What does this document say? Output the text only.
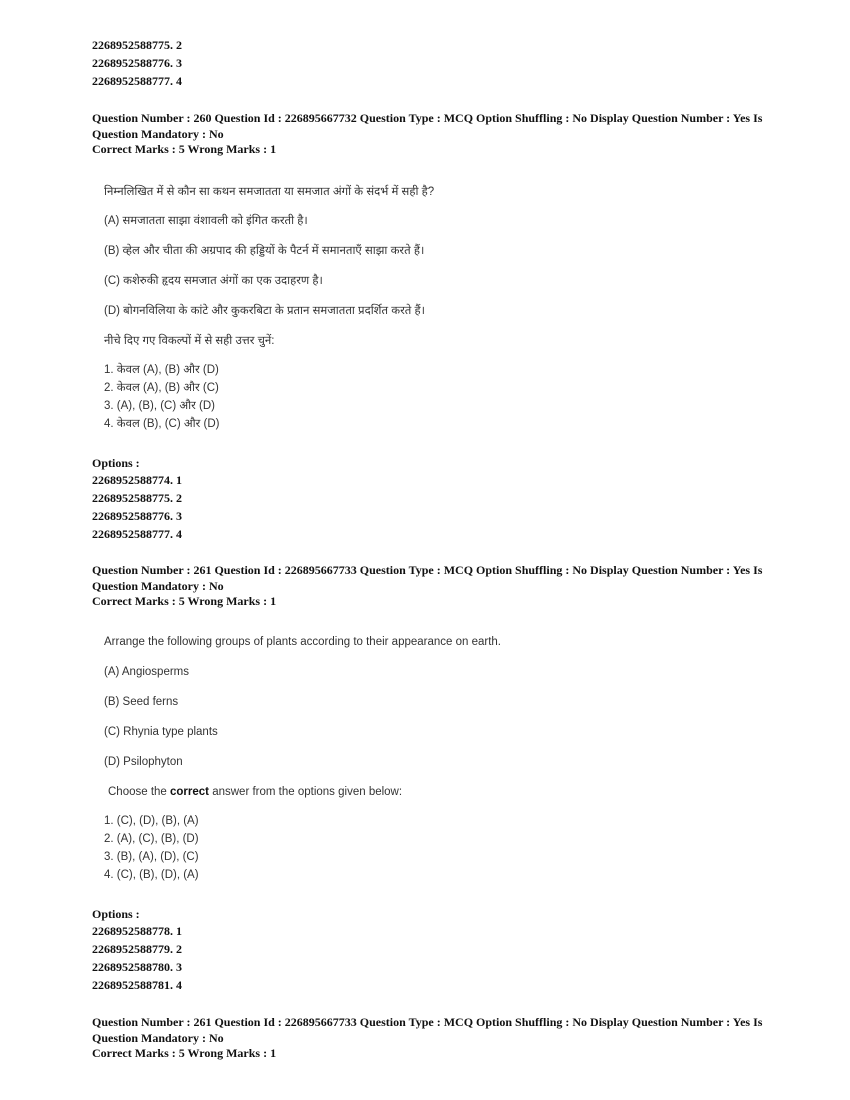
2268952588775. 2
2268952588776. 3
2268952588777. 4
Question Number : 260 Question Id : 226895667732 Question Type : MCQ Option Shuffling : No Display Question Number : Yes Is Question Mandatory : No
Correct Marks : 5 Wrong Marks : 1
निम्नलिखित में से कौन सा कथन समजातता या समजात अंगों के संदर्भ में सही है?
(A) समजातता साझा वंशावली को इंगित करती है।
(B) व्हेल और चीता की अग्रपाद की हड्डियों के पैटर्न में समानताएँ साझा करते हैं।
(C) कशेरुकी हृदय समजात अंगों का एक उदाहरण है।
(D) बोगनविलिया के कांटे और कुकरबिटा के प्रतान समजातता प्रदर्शित करते हैं।
नीचे दिए गए विकल्पों में से सही उत्तर चुनें:
1. केवल (A), (B) और (D)
2. केवल (A), (B) और (C)
3. (A), (B), (C) और (D)
4. केवल (B), (C) और (D)
Options :
2268952588774. 1
2268952588775. 2
2268952588776. 3
2268952588777. 4
Question Number : 261 Question Id : 226895667733 Question Type : MCQ Option Shuffling : No Display Question Number : Yes Is Question Mandatory : No
Correct Marks : 5 Wrong Marks : 1
Arrange the following groups of plants according to their appearance on earth.
(A) Angiosperms
(B) Seed ferns
(C) Rhynia type plants
(D) Psilophyton
Choose the correct answer from the options given below:
1. (C), (D), (B), (A)
2. (A), (C), (B), (D)
3. (B), (A), (D), (C)
4. (C), (B), (D), (A)
Options :
2268952588778. 1
2268952588779. 2
2268952588780. 3
2268952588781. 4
Question Number : 261 Question Id : 226895667733 Question Type : MCQ Option Shuffling : No Display Question Number : Yes Is Question Mandatory : No
Correct Marks : 5 Wrong Marks : 1
